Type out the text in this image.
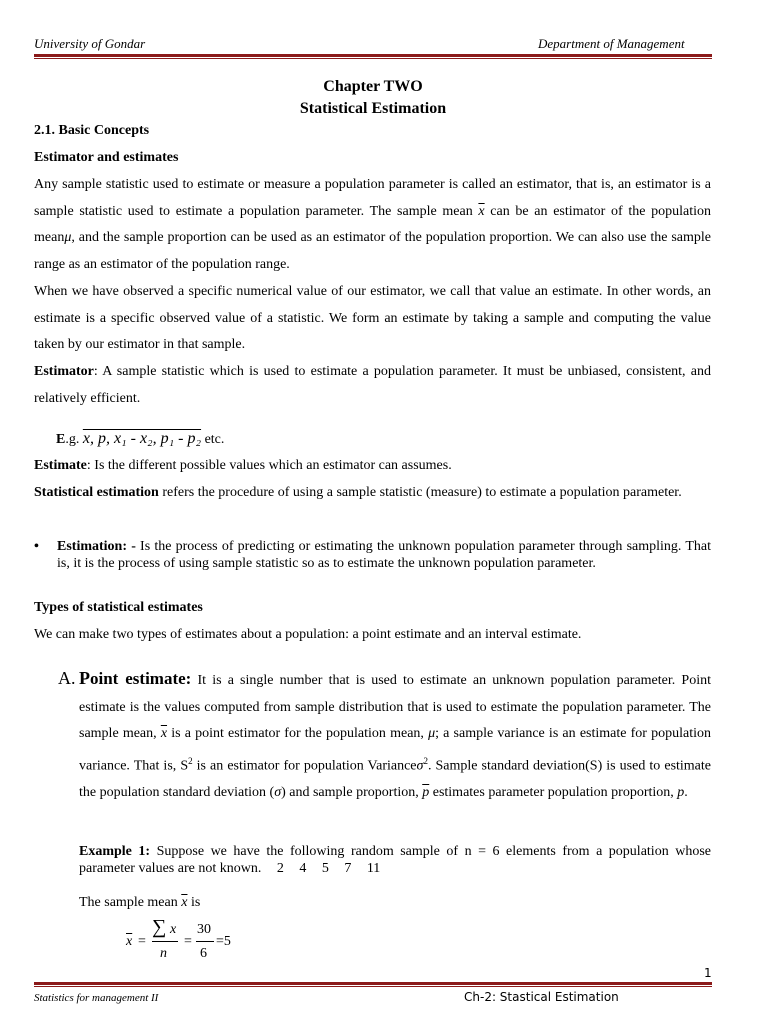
University of Gondar	Department of Management
Chapter TWO
Statistical Estimation
2.1. Basic Concepts
Estimator and estimates
Any sample statistic used to estimate or measure a population parameter is called an estimator, that is, an estimator is a sample statistic used to estimate a population parameter. The sample mean $\overline{x}$ can be an estimator of the population meanμ, and the sample proportion can be used as an estimator of the population proportion. We can also use the sample range as an estimator of the population range.
When we have observed a specific numerical value of our estimator, we call that value an estimate. In other words, an estimate is a specific observed value of a statistic. We form an estimate by taking a sample and computing the value taken by our estimator in that sample.
Estimator: A sample statistic which is used to estimate a population parameter. It must be unbiased, consistent, and relatively efficient.
E.g. x, p, x₁ - x₂, p₁ - p₂ etc.
Estimate: Is the different possible values which an estimator can assumes.
Statistical estimation refers the procedure of using a sample statistic (measure) to estimate a population parameter.
• Estimation: - Is the process of predicting or estimating the unknown population parameter through sampling. That is, it is the process of using sample statistic so as to estimate the unknown population parameter.
Types of statistical estimates
We can make two types of estimates about a population: a point estimate and an interval estimate.
A. Point estimate: It is a single number that is used to estimate an unknown population parameter. Point estimate is the values computed from sample distribution that is used to estimate the population parameter. The sample mean, $\overline{x}$ is a point estimator for the population mean, μ; a sample variance is an estimate for population variance. That is, $S^2$ is an estimator for population Varianceσ$^2$. Sample standard deviation(S) is used to estimate the population standard deviation (σ) and sample proportion, $\overline{p}$ estimates parameter population proportion, p.
Example 1: Suppose we have the following random sample of n = 6 elements from a population whose parameter values are not known. 2 4 5 7 11
The sample mean $\overline{x}$ is
$\overline{x}$ =
∑ x
n
=
30
6
=5
1
Statistics for management II	Ch-2: Stastical Estimation
